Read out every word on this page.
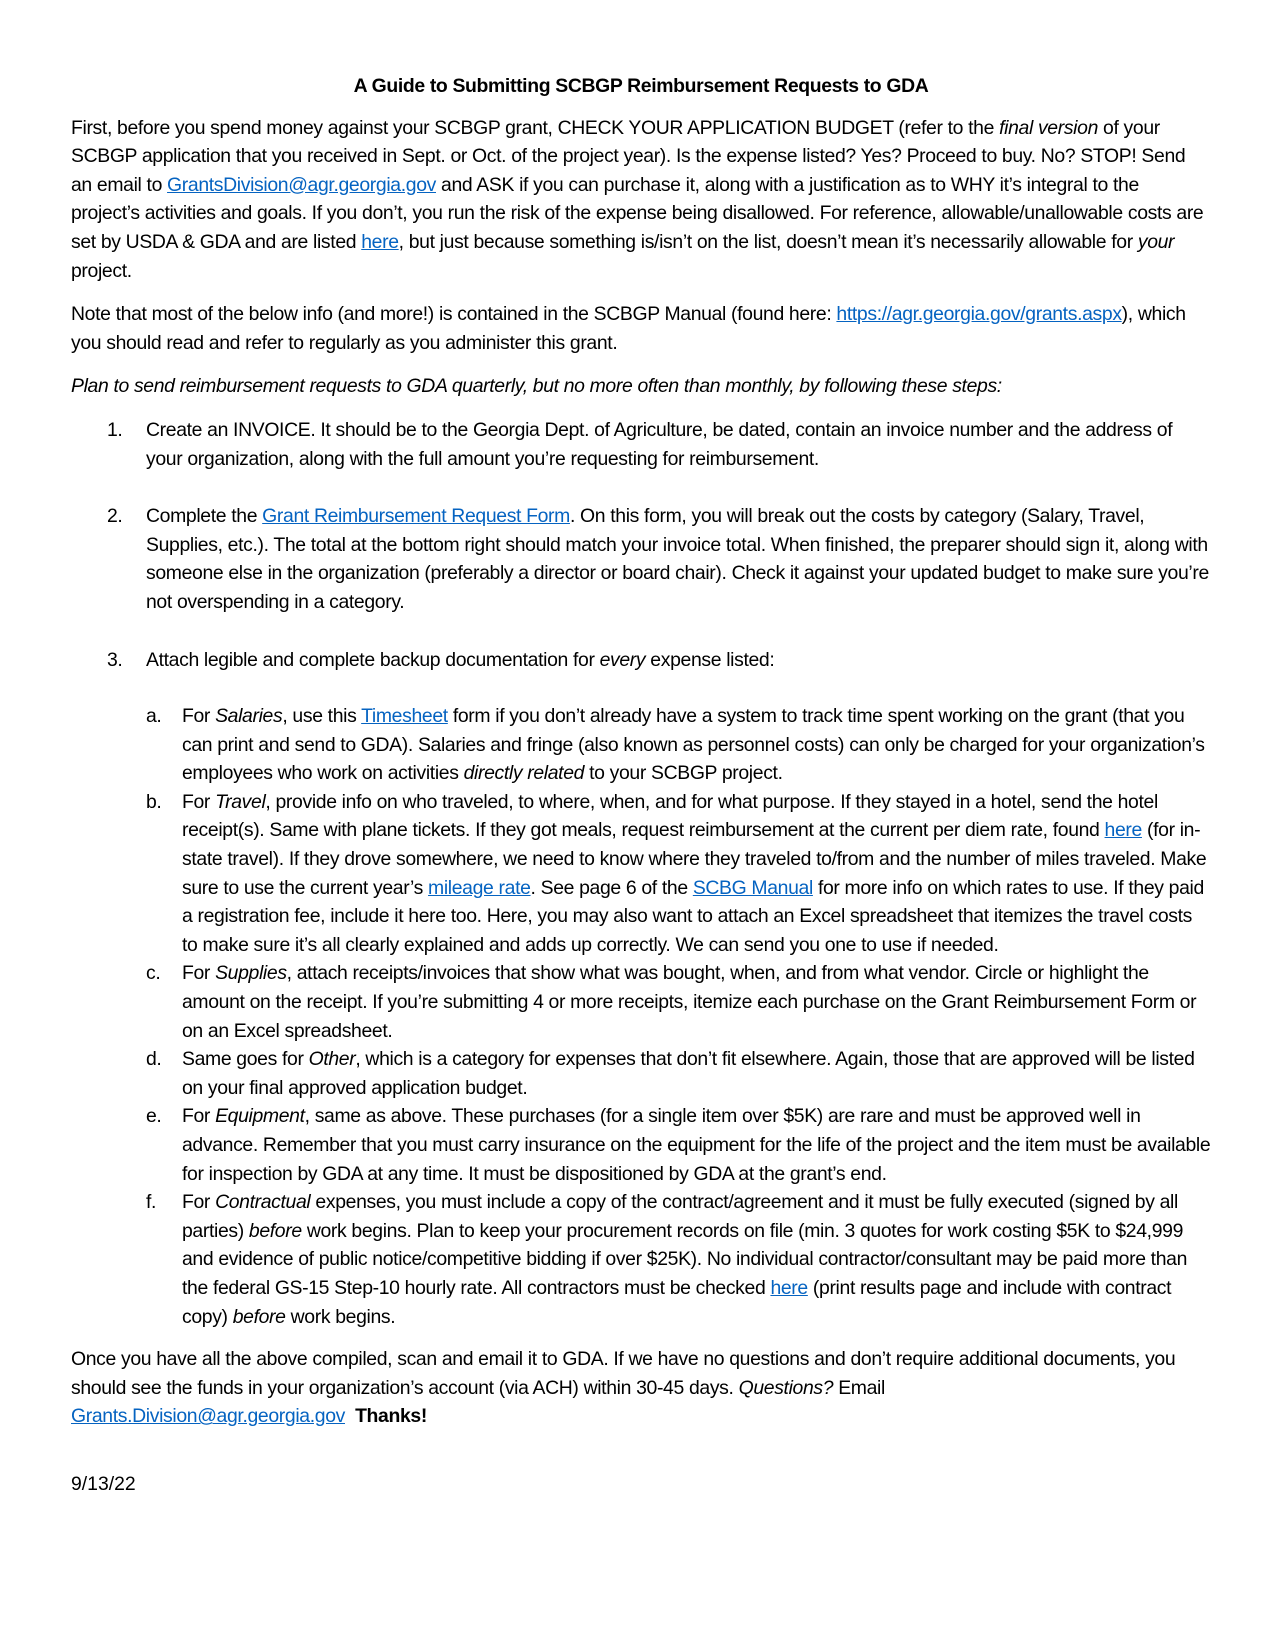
A Guide to Submitting SCBGP Reimbursement Requests to GDA

First, before you spend money against your SCBGP grant, CHECK YOUR APPLICATION BUDGET (refer to the final version of your SCBGP application that you received in Sept. or Oct. of the project year). Is the expense listed? Yes? Proceed to buy. No? STOP! Send an email to GrantsDivision@agr.georgia.gov and ASK if you can purchase it, along with a justification as to WHY it’s integral to the project’s activities and goals. If you don’t, you run the risk of the expense being disallowed. For reference, allowable/unallowable costs are set by USDA & GDA and are listed here, but just because something is/isn’t on the list, doesn’t mean it’s necessarily allowable for your project.

Note that most of the below info (and more!) is contained in the SCBGP Manual (found here: https://agr.georgia.gov/grants.aspx), which you should read and refer to regularly as you administer this grant.

Plan to send reimbursement requests to GDA quarterly, but no more often than monthly, by following these steps:

1. Create an INVOICE. It should be to the Georgia Dept. of Agriculture, be dated, contain an invoice number and the address of your organization, along with the full amount you’re requesting for reimbursement.
2. Complete the Grant Reimbursement Request Form. On this form, you will break out the costs by category (Salary, Travel, Supplies, etc.). The total at the bottom right should match your invoice total. When finished, the preparer should sign it, along with someone else in the organization (preferably a director or board chair). Check it against your updated budget to make sure you’re not overspending in a category.
3. Attach legible and complete backup documentation for every expense listed:
a. For Salaries, use this Timesheet form if you don’t already have a system to track time spent working on the grant (that you can print and send to GDA). Salaries and fringe (also known as personnel costs) can only be charged for your organization’s employees who work on activities directly related to your SCBGP project.
b. For Travel, provide info on who traveled, to where, when, and for what purpose. If they stayed in a hotel, send the hotel receipt(s). Same with plane tickets. If they got meals, request reimbursement at the current per diem rate, found here (for in-state travel). If they drove somewhere, we need to know where they traveled to/from and the number of miles traveled. Make sure to use the current year’s mileage rate. See page 6 of the SCBG Manual for more info on which rates to use. If they paid a registration fee, include it here too. Here, you may also want to attach an Excel spreadsheet that itemizes the travel costs to make sure it’s all clearly explained and adds up correctly. We can send you one to use if needed.
c. For Supplies, attach receipts/invoices that show what was bought, when, and from what vendor. Circle or highlight the amount on the receipt. If you’re submitting 4 or more receipts, itemize each purchase on the Grant Reimbursement Form or on an Excel spreadsheet.
d. Same goes for Other, which is a category for expenses that don’t fit elsewhere. Again, those that are approved will be listed on your final approved application budget.
e. For Equipment, same as above. These purchases (for a single item over $5K) are rare and must be approved well in advance. Remember that you must carry insurance on the equipment for the life of the project and the item must be available for inspection by GDA at any time. It must be dispositioned by GDA at the grant’s end.
f. For Contractual expenses, you must include a copy of the contract/agreement and it must be fully executed (signed by all parties) before work begins. Plan to keep your procurement records on file (min. 3 quotes for work costing $5K to $24,999 and evidence of public notice/competitive bidding if over $25K). No individual contractor/consultant may be paid more than the federal GS-15 Step-10 hourly rate. All contractors must be checked here (print results page and include with contract copy) before work begins.

Once you have all the above compiled, scan and email it to GDA. If we have no questions and don’t require additional documents, you should see the funds in your organization’s account (via ACH) within 30-45 days. Questions? Email
Grants.Division@agr.georgia.gov Thanks!

9/13/22
